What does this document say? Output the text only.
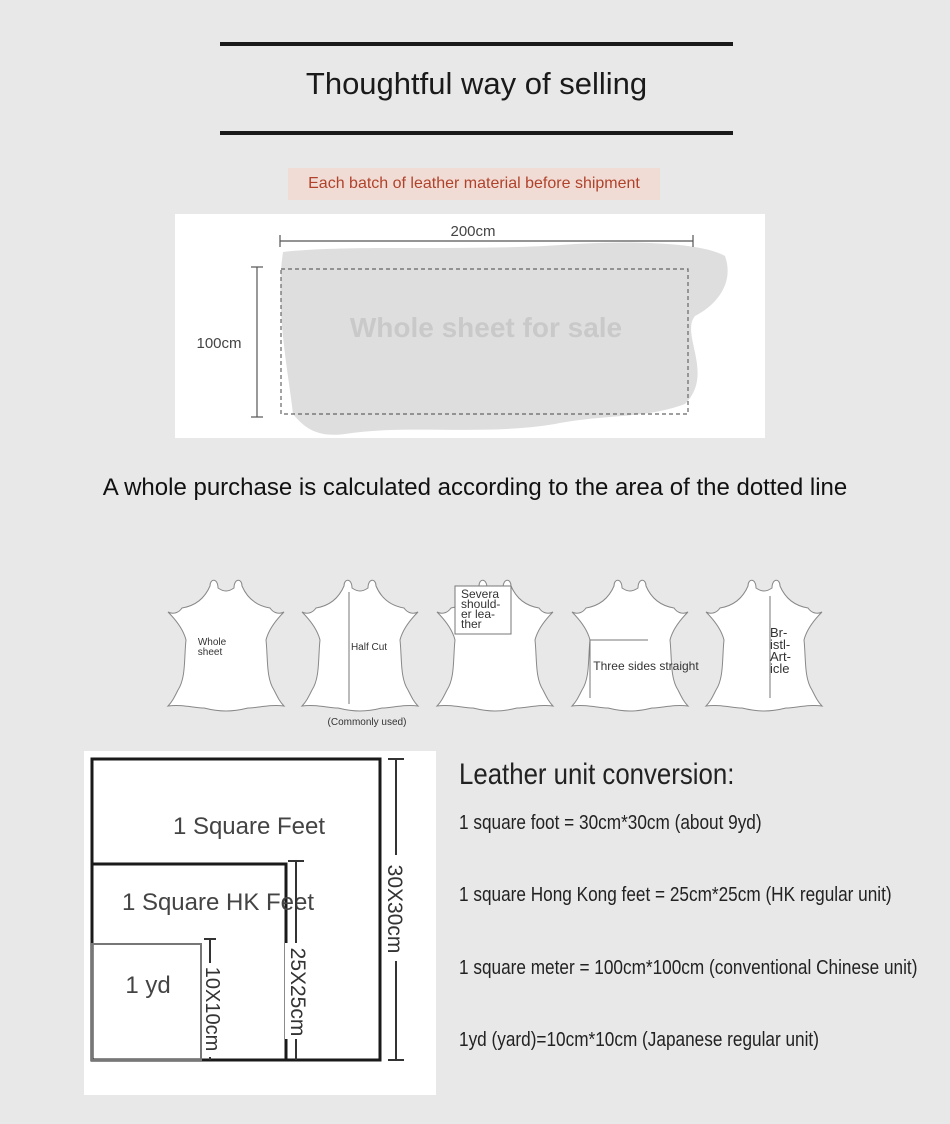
Thoughtful way of selling
Each batch of leather material before shipment
200cm
100cm
Whole sheet for sale
A whole purchase is calculated according to the area of the dotted line
Whole
sheet	Half Cut
(Commonly used)
Severa
should-
er lea-
ther
Three sides straight
Br-
istl-
Art-
icle
1 Square Feet
1 Square HK Feet
1 yd
30X30cm
25X25cm
10X10cm
Leather unit conversion:
1 square foot = 30cm*30cm (about 9yd)
1 square Hong Kong feet = 25cm*25cm (HK regular unit)
1 square meter = 100cm*100cm (conventional Chinese unit)
1yd (yard)=10cm*10cm (Japanese regular unit)
